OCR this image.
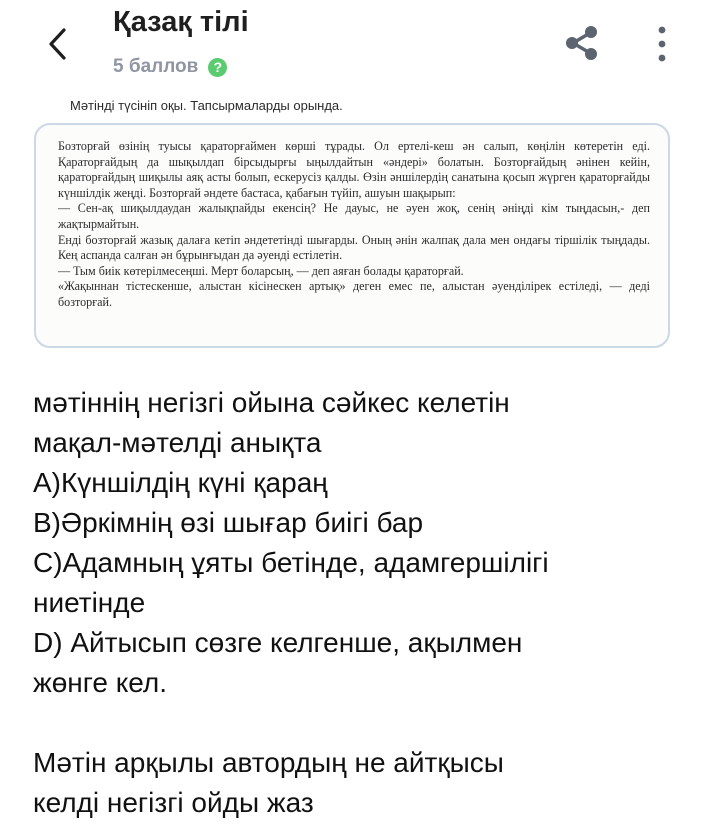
Қазақ тілі
5 баллов	?
Мәтінді түсініп оқы. Тапсырмаларды орында.

Бозторғай өзінің туысы қараторғаймен көрші тұрады. Ол ертелі-кеш ән салып, көңілін көтеретін еді. Қараторғайдың да шықылдап бірсыдырғы ыңылдайтын «әндері» болатын. Бозторғайдың әнінен кейін, қараторғайдың шиқылы аяқ асты болып, ескерусіз қалды. Өзін әншілердің санатына қосып жүрген қараторғайды күншілдік жеңді. Бозторғай әндете бастаса, қабағын түйіп, ашуын шақырып:

— Сен-ақ шиқылдаудан жалықпайды екенсің? Не дауыс, не әуен жоқ, сенің әніңді кім тыңдасын,- деп жақтырмайтын.

Енді бозторғай жазық далаға кетіп әндететінді шығарды. Оның әнін жалпақ дала мен ондағы тіршілік тыңдады. Кең аспанда салған ән бұрынғыдан да әуенді естілетін.

— Тым биік көтерілмесеңші. Мерт боларсың, — деп аяған болады қараторғай.

«Жақыннан тістескенше, алыстан кісінескен артық» деген емес пе, алыстан әуенділірек естіледі, — деді бозторғай.

мәтіннің негізгі ойына сәйкес келетін
мақал-мәтелді анықта
А)Күншілдің күні қараң
В)Әркімнің өзі шығар биігі бар
С)Адамның ұяты бетінде, адамгершілігі
ниетінде
D) Айтысып сөзге келгенше, ақылмен
жөнге кел.
Мәтін арқылы автордың не айтқысы
келді негізгі ойды жаз
